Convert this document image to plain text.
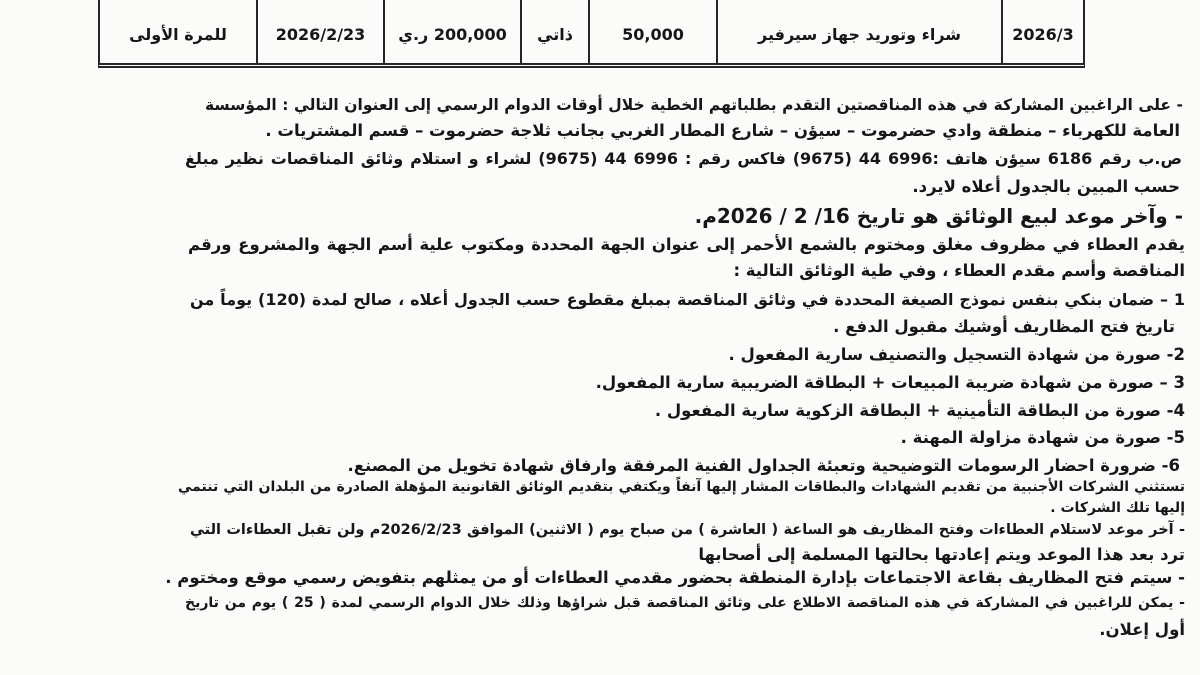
2026/3
شراء وتوريد جهاز سيرفير
50,000
ذاتي
200,000 ر.ي
2026/2/23
للمرة الأولى
- على الراغبين المشاركة في هذه المناقصتين التقدم بطلباتهم الخطية خلال أوقات الدوام الرسمي إلى العنوان التالي : المؤسسة
العامة للكهرباء – منطقة وادي حضرموت – سيؤن – شارع المطار الغربي بجانب ثلاجة حضرموت – قسم المشتريات .
ص.ب رقم 6186 سيؤن هاتف :6996 44 (9675) فاكس رقم : 6996 44 (9675) لشراء و استلام وثائق المناقصات نظير مبلغ
حسب المبين بالجدول أعلاه لايرد.
- وآخر موعد لبيع الوثائق هو تاريخ 16/ 2 / 2026م.
يقدم العطاء في مظروف مغلق ومختوم بالشمع الأحمر إلى عنوان الجهة المحددة ومكتوب علية أسم الجهة والمشروع ورقم
المناقصة وأسم مقدم العطاء ، وفي طية الوثائق التالية :
1 – ضمان بنكي بنفس نموذج الصيغة المحددة في وثائق المناقصة بمبلغ مقطوع حسب الجدول أعلاه ، صالح لمدة (120) يوماً من
تاريخ فتح المظاريف أوشيك مقبول الدفع .
2- صورة من شهادة التسجيل والتصنيف سارية المفعول .
3 – صورة من شهادة ضريبة المبيعات + البطاقة الضريبية سارية المفعول.
4- صورة من البطاقة التأمينية + البطاقة الزكوية سارية المفعول .
5- صورة من شهادة مزاولة المهنة .
6- ضرورة احضار الرسومات التوضيحية وتعبئة الجداول الفنية المرفقة وارفاق شهادة تخويل من المصنع.
تستثني الشركات الأجنبية من تقديم الشهادات والبطاقات المشار إليها آنفاً ويكتفي بتقديم الوثائق القانونية المؤهلة الصادرة من البلدان التي تنتمي
إليها تلك الشركات .
- آخر موعد لاستلام العطاءات وفتح المظاريف هو الساعة ( العاشرة ) من صباح يوم ( الاثنين) الموافق 2026/2/23م ولن تقبل العطاءات التي
ترد بعد هذا الموعد ويتم إعادتها بحالتها المسلمة إلى أصحابها
- سيتم فتح المظاريف بقاعة الاجتماعات بإدارة المنطقة بحضور مقدمي العطاءات أو من يمثلهم بتفويض رسمي موقع ومختوم .
- يمكن للراغبين في المشاركة في هذه المناقصة الاطلاع على وثائق المناقصة قبل شراؤها وذلك خلال الدوام الرسمي لمدة ( 25 ) يوم من تاريخ
أول إعلان.
